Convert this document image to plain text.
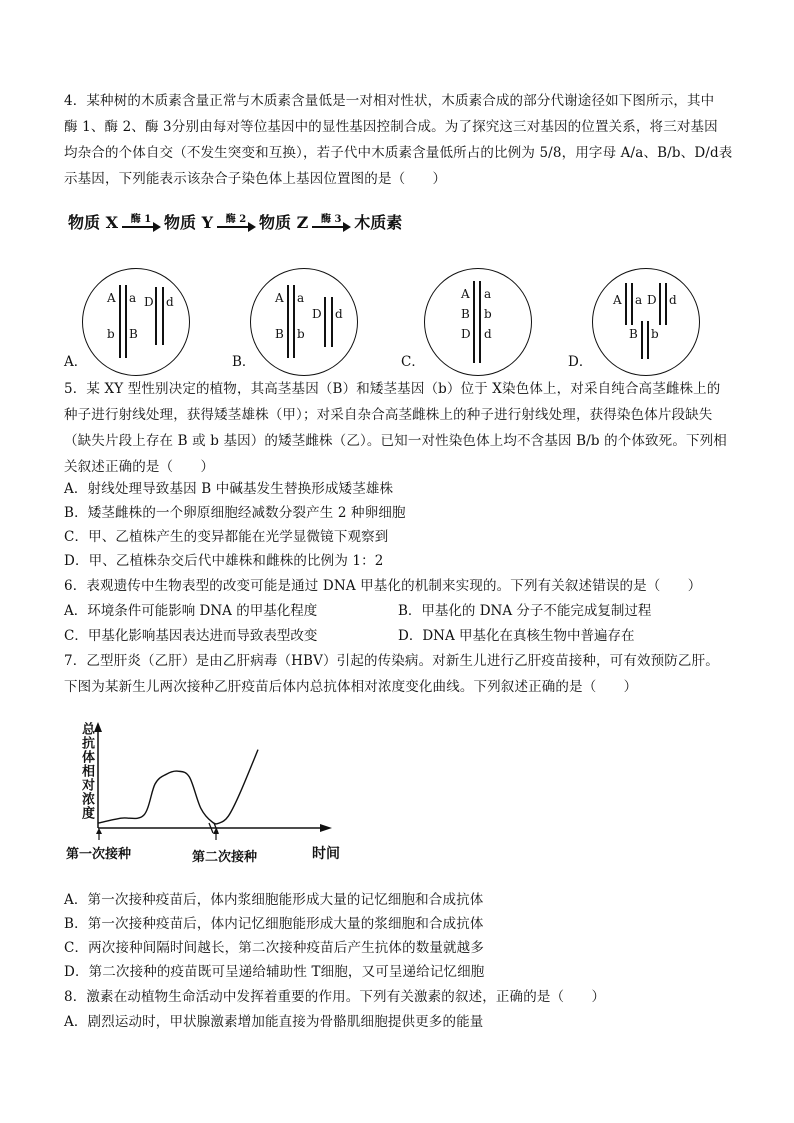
4．某种树的木质素含量正常与木质素含量低是一对相对性状，木质素合成的部分代谢途径如下图所示，其中
酶 1、酶 2、酶 3分别由每对等位基因中的显性基因控制合成。为了探究这三对基因的位置关系，将三对基因
均杂合的个体自交（不发生突变和互换），若子代中木质素含量低所占的比例为 5/8，用字母 A/a、B/b、D/d表
示基因，下列能表示该杂合子染色体上基因位置图的是（　　）
物质 X	酶 1 物质 Y	酶 2 物质 Z	酶 3 木质素
A a
b B
D d
A．
A a
B b
D d
B．
A a
B b
D d
C．
A a D d
B b
D．
5．某 XY 型性别决定的植物，其高茎基因（B）和矮茎基因（b）位于 X染色体上，对采自纯合高茎雌株上的
种子进行射线处理，获得矮茎雄株（甲）；对采自杂合高茎雌株上的种子进行射线处理，获得染色体片段缺失
（缺失片段上存在 B 或 b 基因）的矮茎雌株（乙）。已知一对性染色体上均不含基因 B/b 的个体致死。下列相
关叙述正确的是（　　）
A．射线处理导致基因 B 中碱基发生替换形成矮茎雄株
B．矮茎雌株的一个卵原细胞经减数分裂产生 2 种卵细胞
C．甲、乙植株产生的变异都能在光学显微镜下观察到
D．甲、乙植株杂交后代中雄株和雌株的比例为 1：2
6．表观遗传中生物表型的改变可能是通过 DNA 甲基化的机制来实现的。下列有关叙述错误的是（　　）
A．环境条件可能影响 DNA 的甲基化程度	B．甲基化的 DNA 分子不能完成复制过程
C．甲基化影响基因表达进而导致表型改变	D．DNA 甲基化在真核生物中普遍存在
7．乙型肝炎（乙肝）是由乙肝病毒（HBV）引起的传染病。对新生儿进行乙肝疫苗接种，可有效预防乙肝。
下图为某新生儿两次接种乙肝疫苗后体内总抗体相对浓度变化曲线。下列叙述正确的是（　　）
总抗体相对浓度
第一次接种	第二次接种	时间
A．第一次接种疫苗后，体内浆细胞能形成大量的记忆细胞和合成抗体
B．第一次接种疫苗后，体内记忆细胞能形成大量的浆细胞和合成抗体
C．两次接种间隔时间越长，第二次接种疫苗后产生抗体的数量就越多
D．第二次接种的疫苗既可呈递给辅助性 T细胞，又可呈递给记忆细胞
8．激素在动植物生命活动中发挥着重要的作用。下列有关激素的叙述，正确的是（　　）
A．剧烈运动时，甲状腺激素增加能直接为骨骼肌细胞提供更多的能量
